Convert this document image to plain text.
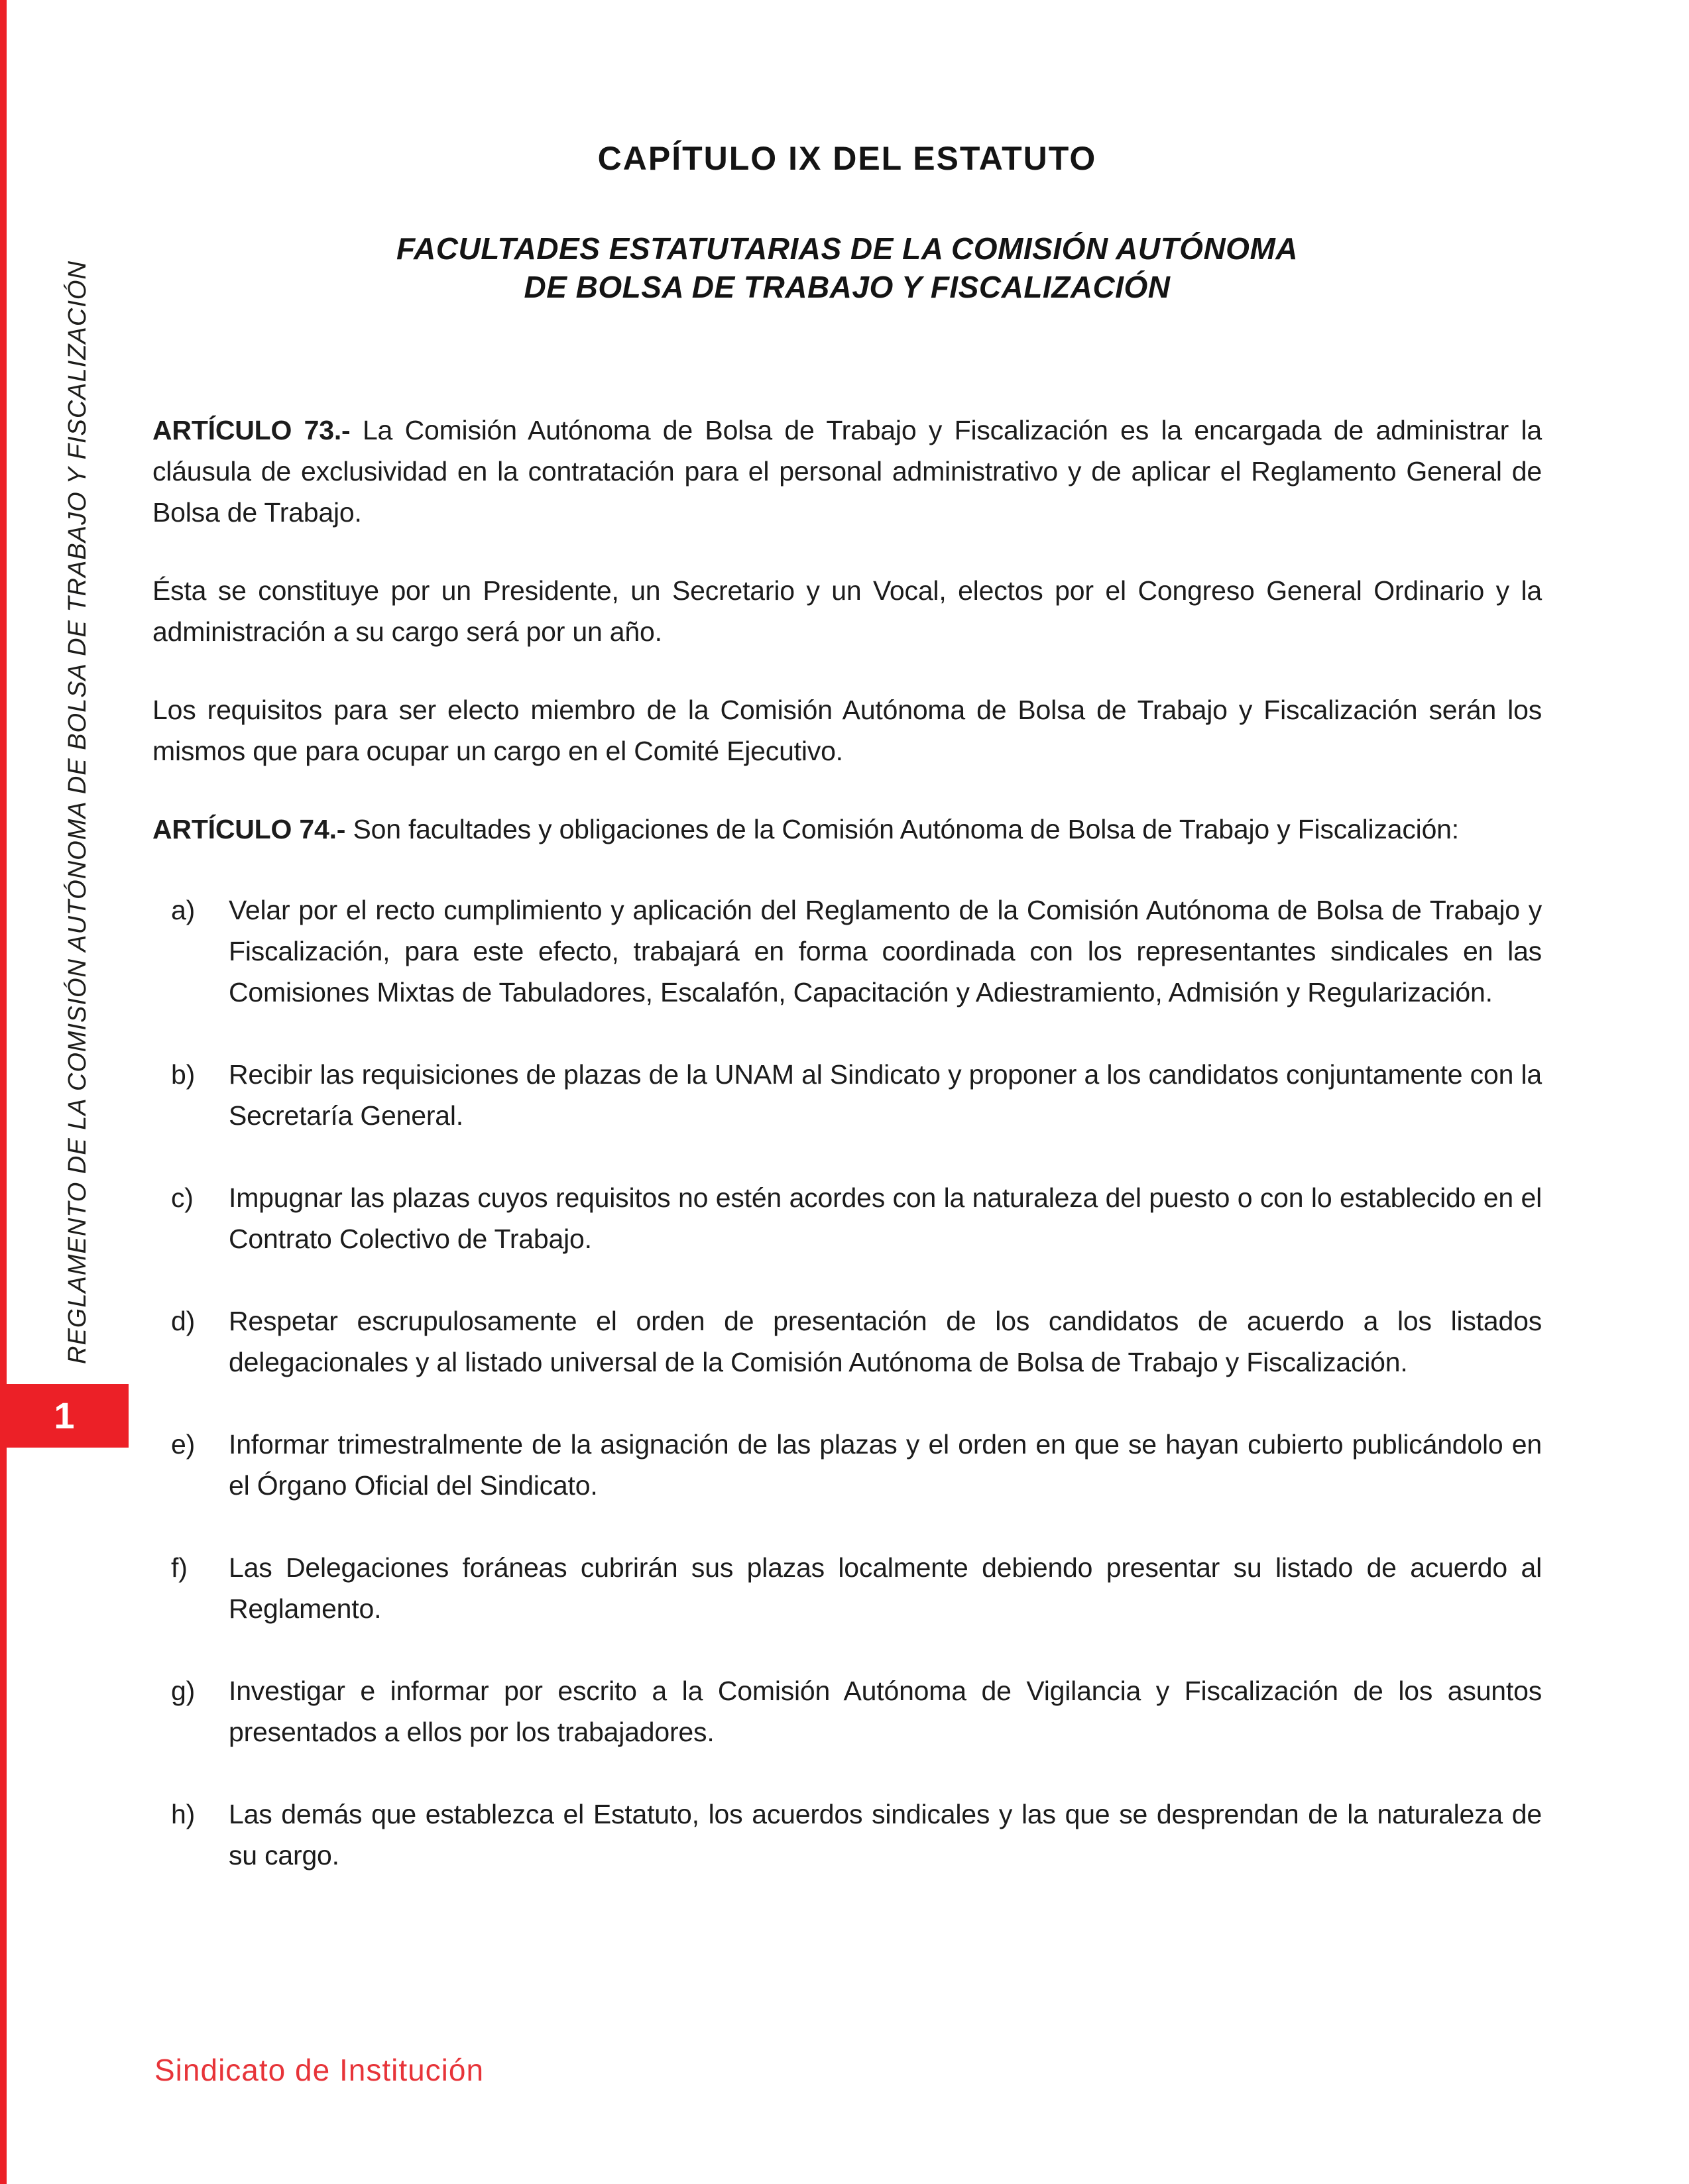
REGLAMENTO DE LA COMISIÓN AUTÓNOMA DE BOLSA DE TRABAJO Y FISCALIZACIÓN
1
CAPÍTULO IX DEL ESTATUTO
FACULTADES ESTATUTARIAS DE LA COMISIÓN AUTÓNOMA
DE BOLSA DE TRABAJO Y FISCALIZACIÓN

ARTÍCULO 73.- La Comisión Autónoma de Bolsa de Trabajo y Fiscalización es la encargada de administrar la cláusula de exclusividad en la contratación para el personal administrativo y de aplicar el Reglamento General de Bolsa de Trabajo.

Ésta se constituye por un Presidente, un Secretario y un Vocal, electos por el Congreso General Ordinario y la administración a su cargo será por un año.

Los requisitos para ser electo miembro de la Comisión Autónoma de Bolsa de Trabajo y Fiscalización serán los mismos que para ocupar un cargo en el Comité Ejecutivo.

ARTÍCULO 74.- Son facultades y obligaciones de la Comisión Autónoma de Bolsa de Trabajo y Fiscalización:

a) Velar por el recto cumplimiento y aplicación del Reglamento de la Comisión Autónoma de Bolsa de Trabajo y Fiscalización, para este efecto, trabajará en forma coordinada con los representantes sindicales en las Comisiones Mixtas de Tabuladores, Escalafón, Capacitación y Adiestramiento, Admisión y Regularización.
b) Recibir las requisiciones de plazas de la UNAM al Sindicato y proponer a los candidatos conjuntamente con la Secretaría General.
c) Impugnar las plazas cuyos requisitos no estén acordes con la naturaleza del puesto o con lo establecido en el Contrato Colectivo de Trabajo.
d) Respetar escrupulosamente el orden de presentación de los candidatos de acuerdo a los listados delegacionales y al listado universal de la Comisión Autónoma de Bolsa de Trabajo y Fiscalización.
e) Informar trimestralmente de la asignación de las plazas y el orden en que se hayan cubierto publicándolo en el Órgano Oficial del Sindicato.
f) Las Delegaciones foráneas cubrirán sus plazas localmente debiendo presentar su listado de acuerdo al Reglamento.
g) Investigar e informar por escrito a la Comisión Autónoma de Vigilancia y Fiscalización de los asuntos presentados a ellos por los trabajadores.
h) Las demás que establezca el Estatuto, los acuerdos sindicales y las que se desprendan de la naturaleza de su cargo.
Sindicato de Institución
